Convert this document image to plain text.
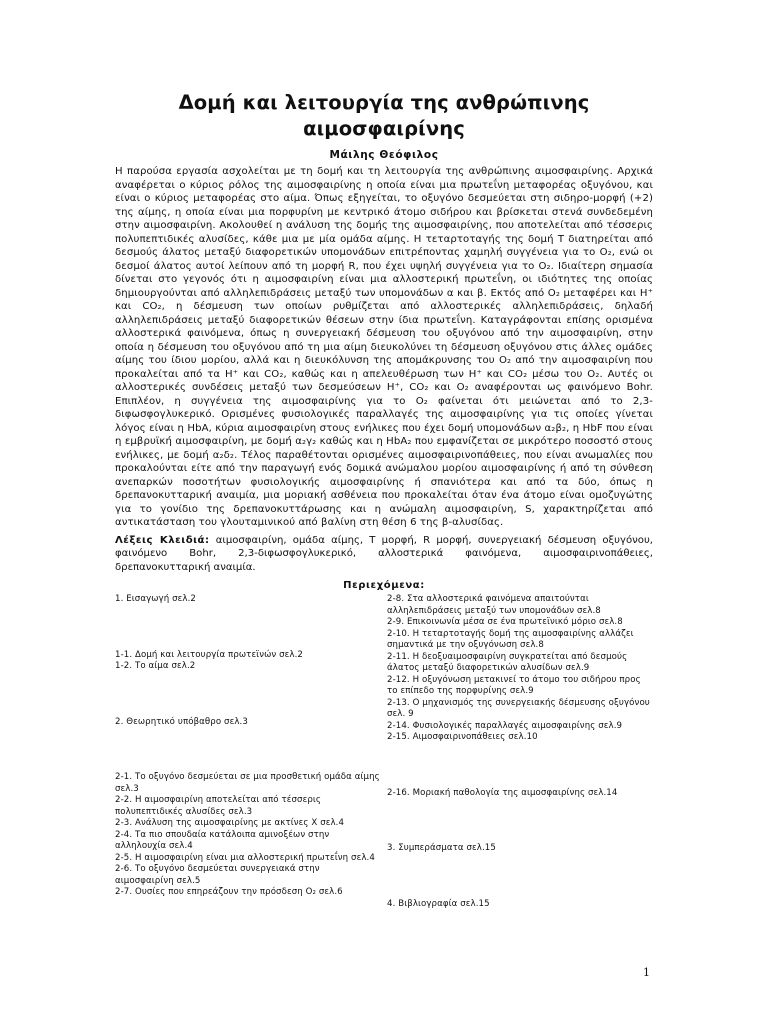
Δομή και λειτουργία της ανθρώπινης αιμοσφαιρίνης
Μάιλης Θεόφιλος

Η παρούσα εργασία ασχολείται με τη δομή και τη λειτουργία της ανθρώπινης αιμοσφαιρίνης. Αρχικά αναφέρεται ο κύριος ρόλος της αιμοσφαιρίνης η οποία είναι μια πρωτεΐνη μεταφορέας οξυγόνου, και είναι ο κύριος μεταφορέας στο αίμα. Όπως εξηγείται, το οξυγόνο δεσμεύεται στη σιδηρο-μορφή (+2) της αίμης, η οποία είναι μια πορφυρίνη με κεντρικό άτομο σιδήρου και βρίσκεται στενά συνδεδεμένη στην αιμοσφαιρίνη. Ακολουθεί η ανάλυση της δομής της αιμοσφαιρίνης, που αποτελείται από τέσσερις πολυπεπτιδικές αλυσίδες, κάθε μια με μία ομάδα αίμης. Η τεταρτοταγής της δομή Τ διατηρείται από δεσμούς άλατος μεταξύ διαφορετικών υπομονάδων επιτρέποντας χαμηλή συγγένεια για το O₂, ενώ οι δεσμοί άλατος αυτοί λείπουν από τη μορφή R, που έχει υψηλή συγγένεια για το O₂. Ιδιαίτερη σημασία δίνεται στο γεγονός ότι η αιμοσφαιρίνη είναι μια αλλοστερική πρωτεΐνη, οι ιδιότητες της οποίας δημιουργούνται από αλληλεπιδράσεις μεταξύ των υπομονάδων α και β. Εκτός από O₂ μεταφέρει και H⁺ και CO₂, η δέσμευση των οποίων ρυθμίζεται από αλλοστερικές αλληλεπιδράσεις, δηλαδή αλληλεπιδράσεις μεταξύ διαφορετικών θέσεων στην ίδια πρωτεΐνη. Καταγράφονται επίσης ορισμένα αλλοστερικά φαινόμενα, όπως η συνεργειακή δέσμευση του οξυγόνου από την αιμοσφαιρίνη, στην οποία η δέσμευση του οξυγόνου από τη μια αίμη διευκολύνει τη δέσμευση οξυγόνου στις άλλες ομάδες αίμης του ίδιου μορίου, αλλά και η διευκόλυνση της απομάκρυνσης του O₂ από την αιμοσφαιρίνη που προκαλείται από τα H⁺ και CO₂, καθώς και η απελευθέρωση των H⁺ και CO₂ μέσω του O₂. Αυτές οι αλλοστερικές συνδέσεις μεταξύ των δεσμεύσεων H⁺, CO₂ και O₂ αναφέρονται ως φαινόμενο Bohr. Επιπλέον, η συγγένεια της αιμοσφαιρίνης για το O₂ φαίνεται ότι μειώνεται από το 2,3-διφωσφογλυκερικό. Ορισμένες φυσιολογικές παραλλαγές της αιμοσφαιρίνης για τις οποίες γίνεται λόγος είναι η HbA, κύρια αιμοσφαιρίνη στους ενήλικες που έχει δομή υπομονάδων α₂β₂, η HbF που είναι η εμβρυϊκή αιμοσφαιρίνη, με δομή α₂γ₂ καθώς και η HbA₂ που εμφανίζεται σε μικρότερο ποσοστό στους ενήλικες, με δομή α₂δ₂. Τέλος παραθέτονται ορισμένες αιμοσφαιρινοπάθειες, που είναι ανωμαλίες που προκαλούνται είτε από την παραγωγή ενός δομικά ανώμαλου μορίου αιμοσφαιρίνης ή από τη σύνθεση ανεπαρκών ποσοτήτων φυσιολογικής αιμοσφαιρίνης ή σπανιότερα και από τα δύο, όπως η δρεπανοκυτταρική αναιμία, μια μοριακή ασθένεια που προκαλείται όταν ένα άτομο είναι ομοζυγώτης για το γονίδιο της δρεπανοκυττάρωσης και η ανώμαλη αιμοσφαιρίνη, S, χαρακτηρίζεται από αντικατάσταση του γλουταμινικού από βαλίνη στη θέση 6 της β-αλυσίδας.

Λέξεις Κλειδιά: αιμοσφαιρίνη, ομάδα αίμης, T μορφή, R μορφή, συνεργειακή δέσμευση οξυγόνου, φαινόμενο Bohr, 2,3-διφωσφογλυκερικό, αλλοστερικά φαινόμενα, αιμοσφαιρινοπάθειες, δρεπανοκυτταρική αναιμία.

Περιεχόμενα:

1. Εισαγωγή σελ.2

1-1. Δομή και λειτουργία πρωτεϊνών σελ.2

1-2. Το αίμα σελ.2

2. Θεωρητικό υπόβαθρο σελ.3

2-1. Το οξυγόνο δεσμεύεται σε μια προσθετική ομάδα αίμης σελ.3

2-2. Η αιμοσφαιρίνη αποτελείται από τέσσερις πολυπεπτιδικές αλυσίδες σελ.3

2-3. Ανάλυση της αιμοσφαιρίνης με ακτίνες Χ σελ.4

2-4. Τα πιο σπουδαία κατάλοιπα αμινοξέων στην αλληλουχία σελ.4

2-5. Η αιμοσφαιρίνη είναι μια αλλοστερική πρωτεΐνη σελ.4

2-6. Το οξυγόνο δεσμεύεται συνεργειακά στην αιμοσφαιρίνη σελ.5

2-7. Ουσίες που επηρεάζουν την πρόσδεση O₂ σελ.6

2-8. Στα αλλοστερικά φαινόμενα απαιτούνται αλληλεπιδράσεις μεταξύ των υπομονάδων σελ.8

2-9. Επικοινωνία μέσα σε ένα πρωτεϊνικό μόριο σελ.8

2-10. Η τεταρτοταγής δομή της αιμοσφαιρίνης αλλάζει σημαντικά με την οξυγόνωση σελ.8

2-11. Η δεοξυαιμοσφαιρίνη συγκρατείται από δεσμούς άλατος μεταξύ διαφορετικών αλυσίδων σελ.9

2-12. Η οξυγόνωση μετακινεί το άτομο του σιδήρου προς το επίπεδο της πορφυρίνης σελ.9

2-13. Ο μηχανισμός της συνεργειακής δέσμευσης οξυγόνου σελ. 9

2-14. Φυσιολογικές παραλλαγές αιμοσφαιρίνης σελ.9

2-15. Αιμοσφαιρινοπάθειες σελ.10

2-16. Μοριακή παθολογία της αιμοσφαιρίνης σελ.14

3. Συμπεράσματα σελ.15

4. Βιβλιογραφία σελ.15

1
